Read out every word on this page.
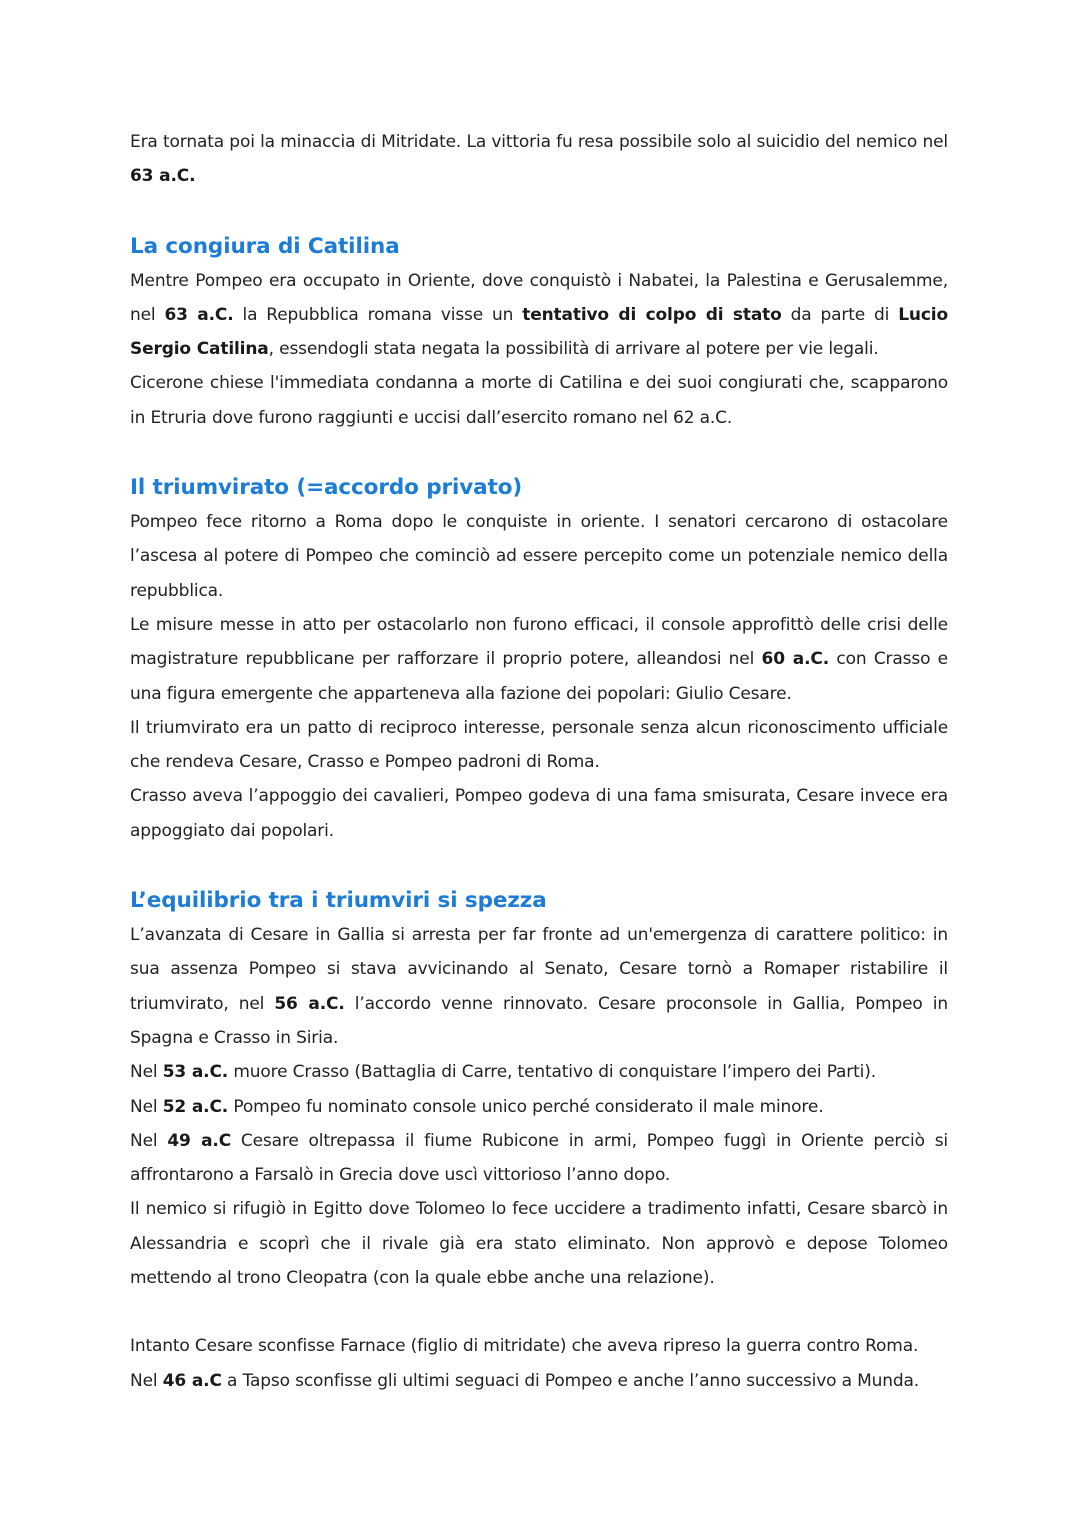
Era tornata poi la minaccia di Mitridate. La vittoria fu resa possibile solo al suicidio del nemico nel 63 a.C.

La congiura di Catilina

Mentre Pompeo era occupato in Oriente, dove conquistò i Nabatei, la Palestina e Gerusalemme, nel 63 a.C. la Repubblica romana visse un tentativo di colpo di stato da parte di Lucio Sergio Catilina, essendogli stata negata la possibilità di arrivare al potere per vie legali.

Cicerone chiese l'immediata condanna a morte di Catilina e dei suoi congiurati che, scapparono in Etruria dove furono raggiunti e uccisi dall’esercito romano nel 62 a.C.

Il triumvirato (=accordo privato)

Pompeo fece ritorno a Roma dopo le conquiste in oriente. I senatori cercarono di ostacolare l’ascesa al potere di Pompeo che cominciò ad essere percepito come un potenziale nemico della repubblica.

Le misure messe in atto per ostacolarlo non furono efficaci, il console approfittò delle crisi delle magistrature repubblicane per rafforzare il proprio potere, alleandosi nel 60 a.C. con Crasso e una figura emergente che apparteneva alla fazione dei popolari: Giulio Cesare.

Il triumvirato era un patto di reciproco interesse, personale senza alcun riconoscimento ufficiale che rendeva Cesare, Crasso e Pompeo padroni di Roma.

Crasso aveva l’appoggio dei cavalieri, Pompeo godeva di una fama smisurata, Cesare invece era appoggiato dai popolari.

L’equilibrio tra i triumviri si spezza

L’avanzata di Cesare in Gallia si arresta per far fronte ad un'emergenza di carattere politico: in sua assenza Pompeo si stava avvicinando al Senato, Cesare tornò a Romaper ristabilire il triumvirato, nel 56 a.C. l’accordo venne rinnovato. Cesare proconsole in Gallia, Pompeo in Spagna e Crasso in Siria.

Nel 53 a.C. muore Crasso (Battaglia di Carre, tentativo di conquistare l’impero dei Parti).

Nel 52 a.C. Pompeo fu nominato console unico perché considerato il male minore.

Nel 49 a.C Cesare oltrepassa il fiume Rubicone in armi, Pompeo fuggì in Oriente perciò si affrontarono a Farsalò in Grecia dove uscì vittorioso l’anno dopo.

Il nemico si rifugiò in Egitto dove Tolomeo lo fece uccidere a tradimento infatti, Cesare sbarcò in Alessandria e scoprì che il rivale già era stato eliminato. Non approvò e depose Tolomeo mettendo al trono Cleopatra (con la quale ebbe anche una relazione).

Intanto Cesare sconfisse Farnace (figlio di mitridate) che aveva ripreso la guerra contro Roma.

Nel 46 a.C a Tapso sconfisse gli ultimi seguaci di Pompeo e anche l’anno successivo a Munda.
